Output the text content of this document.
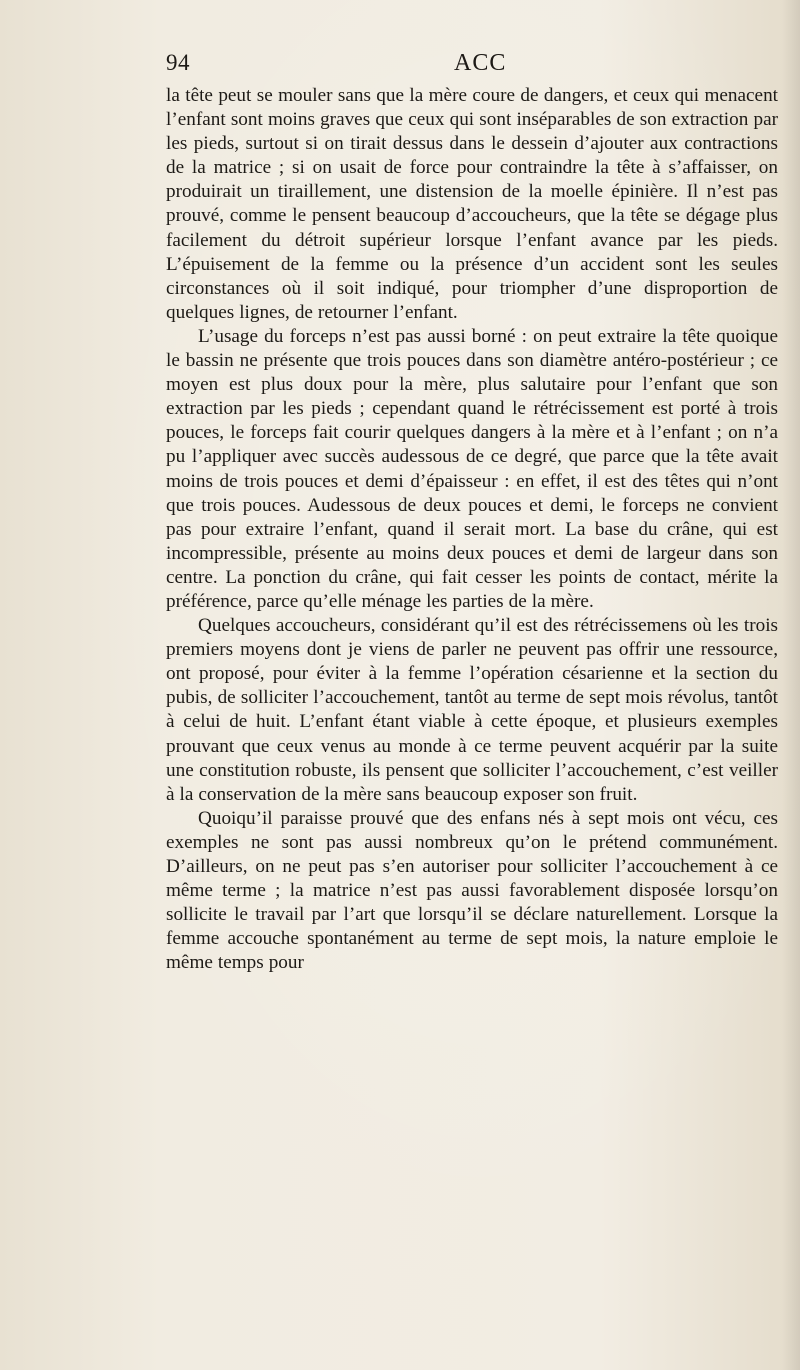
94	ACC

la tête peut se mouler sans que la mère coure de dangers, et ceux qui menacent l’enfant sont moins graves que ceux qui sont inséparables de son extraction par les pieds, surtout si on tirait dessus dans le dessein d’ajouter aux contractions de la matrice ; si on usait de force pour contraindre la tête à s’affaisser, on produirait un tiraillement, une distension de la moelle épinière. Il n’est pas prouvé, comme le pensent beaucoup d’accoucheurs, que la tête se dégage plus facilement du détroit supérieur lorsque l’enfant avance par les pieds. L’épuisement de la femme ou la présence d’un accident sont les seules circonstances où il soit indiqué, pour triompher d’une disproportion de quelques lignes, de retourner l’enfant.

L’usage du forceps n’est pas aussi borné : on peut extraire la tête quoique le bassin ne présente que trois pouces dans son diamètre antéro-postérieur ; ce moyen est plus doux pour la mère, plus salutaire pour l’enfant que son extraction par les pieds ; cependant quand le rétrécissement est porté à trois pouces, le forceps fait courir quelques dangers à la mère et à l’enfant ; on n’a pu l’appliquer avec succès audessous de ce degré, que parce que la tête avait moins de trois pouces et demi d’épaisseur : en effet, il est des têtes qui n’ont que trois pouces. Audessous de deux pouces et demi, le forceps ne convient pas pour extraire l’enfant, quand il serait mort. La base du crâne, qui est incompressible, présente au moins deux pouces et demi de largeur dans son centre. La ponction du crâne, qui fait cesser les points de contact, mérite la préférence, parce qu’elle ménage les parties de la mère.

Quelques accoucheurs, considérant qu’il est des rétrécissemens où les trois premiers moyens dont je viens de parler ne peuvent pas offrir une ressource, ont proposé, pour éviter à la femme l’opération césarienne et la section du pubis, de solliciter l’accouchement, tantôt au terme de sept mois révolus, tantôt à celui de huit. L’enfant étant viable à cette époque, et plusieurs exemples prouvant que ceux venus au monde à ce terme peuvent acquérir par la suite une constitution robuste, ils pensent que solliciter l’accouchement, c’est veiller à la conservation de la mère sans beaucoup exposer son fruit.

Quoiqu’il paraisse prouvé que des enfans nés à sept mois ont vécu, ces exemples ne sont pas aussi nombreux qu’on le prétend communément. D’ailleurs, on ne peut pas s’en autoriser pour solliciter l’accouchement à ce même terme ; la matrice n’est pas aussi favorablement disposée lorsqu’on sollicite le travail par l’art que lorsqu’il se déclare naturellement. Lorsque la femme accouche spontanément au terme de sept mois, la nature emploie le même temps pour
